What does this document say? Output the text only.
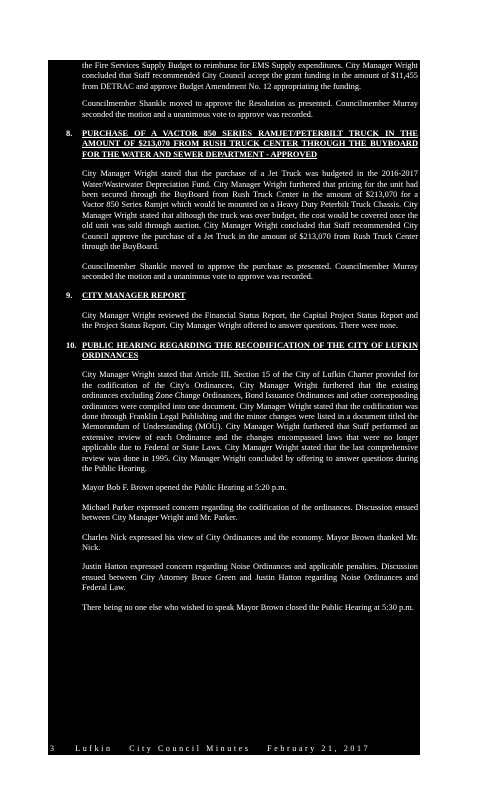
the Fire Services Supply Budget to reimburse for EMS Supply expenditures. City Manager Wright concluded that Staff recommended City Council accept the grant funding in the amount of $11,455 from DETRAC and approve Budget Amendment No. 12 appropriating the funding.

Councilmember Shankle moved to approve the Resolution as presented. Councilmember Murray seconded the motion and a unanimous vote to approve was recorded.

8. PURCHASE OF A VACTOR 850 SERIES RAMJET/PETERBILT TRUCK IN THE AMOUNT OF $213,070 FROM RUSH TRUCK CENTER THROUGH THE BUYBOARD FOR THE WATER AND SEWER DEPARTMENT - APPROVED

City Manager Wright stated that the purchase of a Jet Truck was budgeted in the 2016-2017 Water/Wastewater Depreciation Fund. City Manager Wright furthered that pricing for the unit had been secured through the BuyBoard from Rush Truck Center in the amount of $213,070 for a Vactor 850 Series Ramjet which would be mounted on a Heavy Duty Peterbilt Truck Chassis. City Manager Wright stated that although the truck was over budget, the cost would be covered once the old unit was sold through auction. City Manager Wright concluded that Staff recommended City Council approve the purchase of a Jet Truck in the amount of $213,070 from Rush Truck Center through the BuyBoard.

Councilmember Shankle moved to approve the purchase as presented. Councilmember Murray seconded the motion and a unanimous vote to approve was recorded.

9. CITY MANAGER REPORT

City Manager Wright reviewed the Financial Status Report, the Capital Project Status Report and the Project Status Report. City Manager Wright offered to answer questions. There were none.

10. PUBLIC HEARING REGARDING THE RECODIFICATION OF THE CITY OF LUFKIN ORDINANCES

City Manager Wright stated that Article III, Section 15 of the City of Lufkin Charter provided for the codification of the City's Ordinances. City Manager Wright furthered that the existing ordinances excluding Zone Change Ordinances, Bond Issuance Ordinances and other corresponding ordinances were compiled into one document. City Manager Wright stated that the codification was done through Franklin Legal Publishing and the minor changes were listed in a document titled the Memorandum of Understanding (MOU). City Manager Wright furthered that Staff performed an extensive review of each Ordinance and the changes encompassed laws that were no longer applicable due to Federal or State Laws. City Manager Wright stated that the last comprehensive review was done in 1995. City Manager Wright concluded by offering to answer questions during the Public Hearing.

Mayor Bob F. Brown opened the Public Hearing at 5:20 p.m.

Michael Parker expressed concern regarding the codification of the ordinances. Discussion ensued between City Manager Wright and Mr. Parker.

Charles Nick expressed his view of City Ordinances and the economy. Mayor Brown thanked Mr. Nick.

Justin Hatton expressed concern regarding Noise Ordinances and applicable penalties. Discussion ensued between City Attorney Bruce Green and Justin Hatton regarding Noise Ordinances and Federal Law.

There being no one else who wished to speak Mayor Brown closed the Public Hearing at 5:30 p.m.

3 Lufkin City Council Minutes February 21, 2017
